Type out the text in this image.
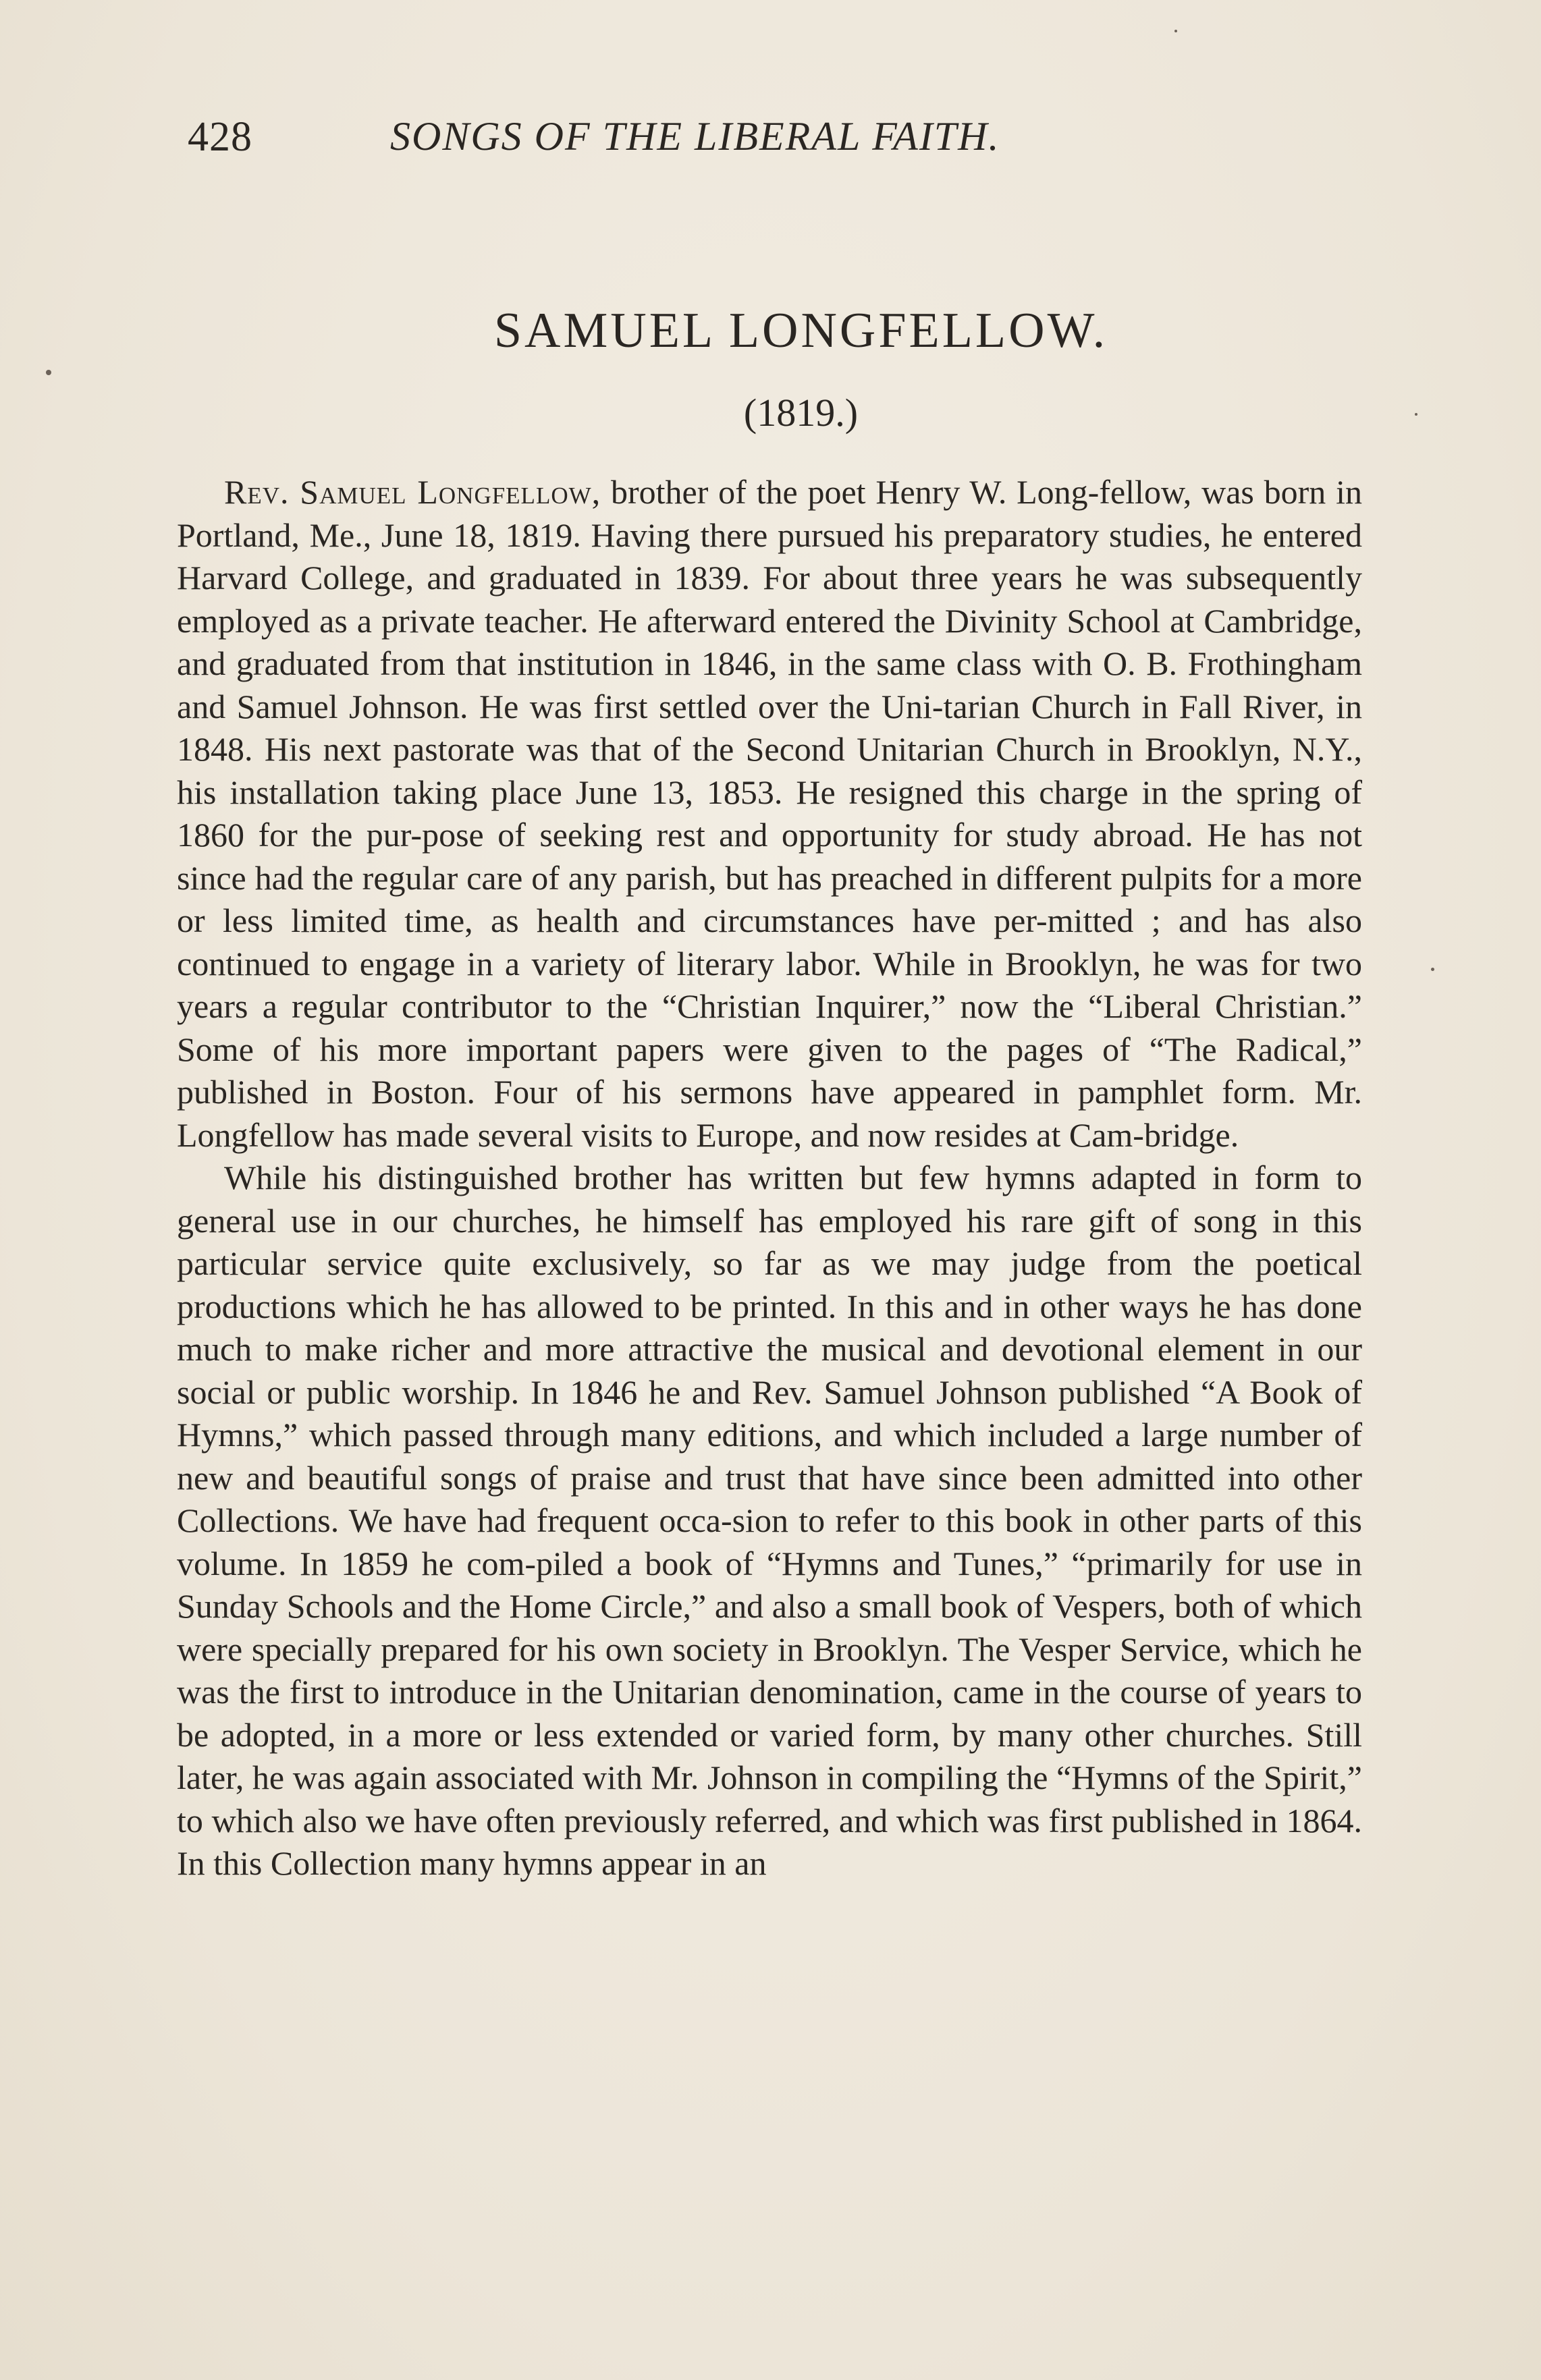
428	SONGS OF THE LIBERAL FAITH.
SAMUEL LONGFELLOW.
(1819.)

Rev. Samuel Longfellow, brother of the poet Henry W. Long-fellow, was born in Portland, Me., June 18, 1819. Having there pursued his preparatory studies, he entered Harvard College, and graduated in 1839. For about three years he was subsequently employed as a private teacher. He afterward entered the Divinity School at Cambridge, and graduated from that institution in 1846, in the same class with O. B. Frothingham and Samuel Johnson. He was first settled over the Uni-tarian Church in Fall River, in 1848. His next pastorate was that of the Second Unitarian Church in Brooklyn, N.Y., his installation taking place June 13, 1853. He resigned this charge in the spring of 1860 for the pur-pose of seeking rest and opportunity for study abroad. He has not since had the regular care of any parish, but has preached in different pulpits for a more or less limited time, as health and circumstances have per-mitted ; and has also continued to engage in a variety of literary labor. While in Brooklyn, he was for two years a regular contributor to the “Christian Inquirer,” now the “Liberal Christian.” Some of his more important papers were given to the pages of “The Radical,” published in Boston. Four of his sermons have appeared in pamphlet form. Mr. Longfellow has made several visits to Europe, and now resides at Cam-bridge.

While his distinguished brother has written but few hymns adapted in form to general use in our churches, he himself has employed his rare gift of song in this particular service quite exclusively, so far as we may judge from the poetical productions which he has allowed to be printed. In this and in other ways he has done much to make richer and more attractive the musical and devotional element in our social or public worship. In 1846 he and Rev. Samuel Johnson published “A Book of Hymns,” which passed through many editions, and which included a large number of new and beautiful songs of praise and trust that have since been admitted into other Collections. We have had frequent occa-sion to refer to this book in other parts of this volume. In 1859 he com-piled a book of “Hymns and Tunes,” “primarily for use in Sunday Schools and the Home Circle,” and also a small book of Vespers, both of which were specially prepared for his own society in Brooklyn. The Vesper Service, which he was the first to introduce in the Unitarian denomination, came in the course of years to be adopted, in a more or less extended or varied form, by many other churches. Still later, he was again associated with Mr. Johnson in compiling the “Hymns of the Spirit,” to which also we have often previously referred, and which was first published in 1864. In this Collection many hymns appear in an
